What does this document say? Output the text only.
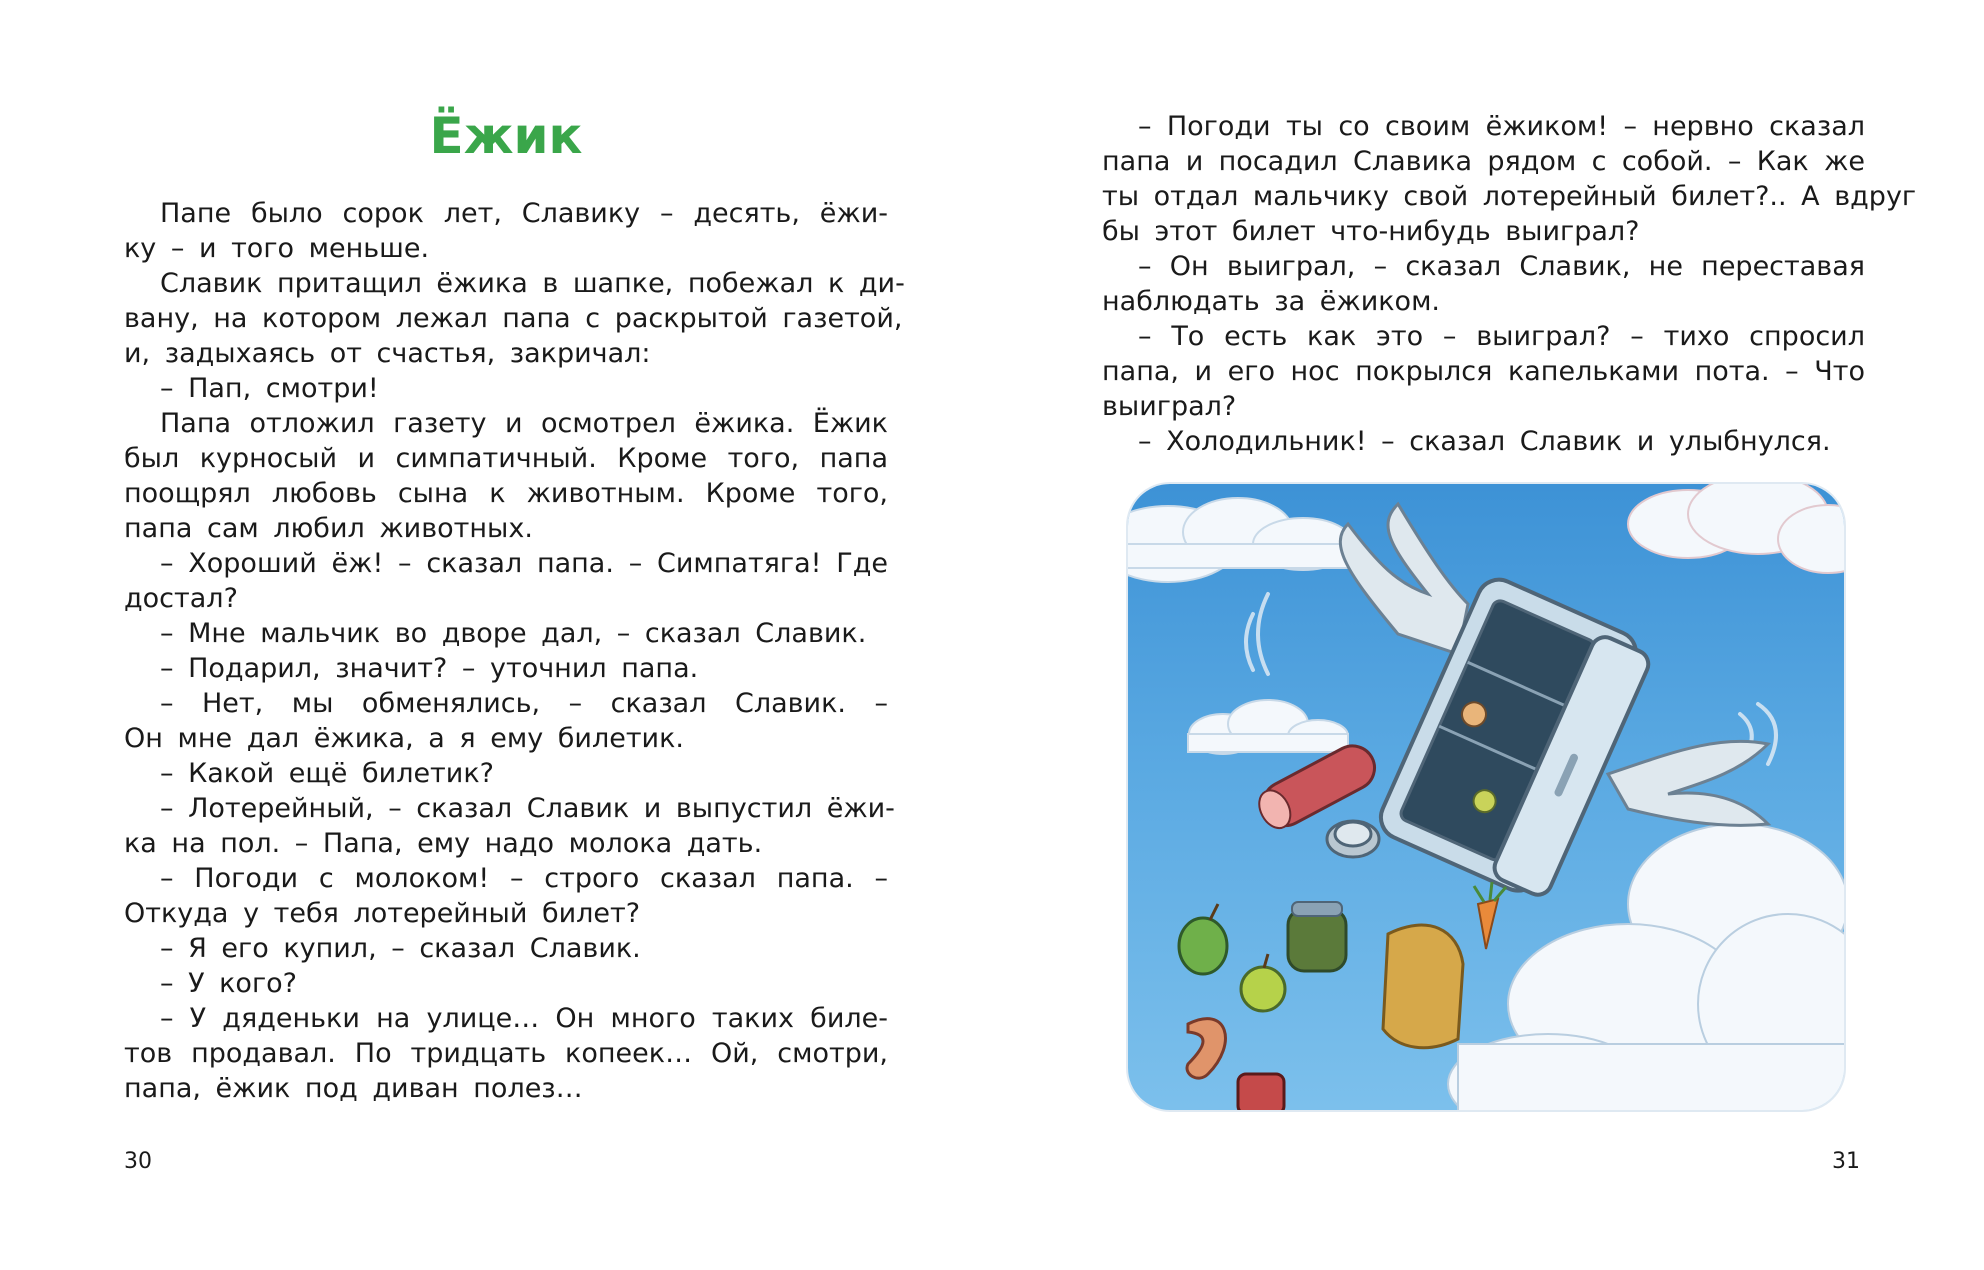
Ёжик
Папе было сорок лет, Славику – десять, ёжи-
ку – и того меньше.
Славик притащил ёжика в шапке, побежал к ди-
вану, на котором лежал папа с раскрытой газетой,
и, задыхаясь от счастья, закричал:
– Пап, смотри!
Папа отложил газету и осмотрел ёжика. Ёжик
был курносый и симпатичный. Кроме того, папа
поощрял любовь сына к животным. Кроме того,
папа сам любил животных.
– Хороший ёж! – сказал папа. – Симпатяга! Где
достал?
– Мне мальчик во дворе дал, – сказал Славик.
– Подарил, значит? – уточнил папа.
– Нет, мы обменялись, – сказал Славик. –
Он мне дал ёжика, а я ему билетик.
– Какой ещё билетик?
– Лотерейный, – сказал Славик и выпустил ёжи-
ка на пол. – Папа, ему надо молока дать.
– Погоди с молоком! – строго сказал папа. –
Откуда у тебя лотерейный билет?
– Я его купил, – сказал Славик.
– У кого?
– У дяденьки на улице… Он много таких биле-
тов продавал. По тридцать копеек… Ой, смотри,
папа, ёжик под диван полез…

30

– Погоди ты со своим ёжиком! – нервно сказал
папа и посадил Славика рядом с собой. – Как же
ты отдал мальчику свой лотерейный билет?.. А вдруг
бы этот билет что-нибудь выиграл?
– Он выиграл, – сказал Славик, не переставая
наблюдать за ёжиком.
– То есть как это – выиграл? – тихо спросил
папа, и его нос покрылся капельками пота. – Что
выиграл?
– Холодильник! – сказал Славик и улыбнулся.

31
